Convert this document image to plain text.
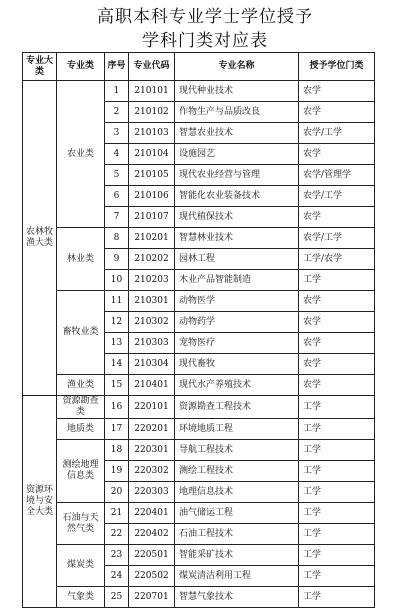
高职本科专业学士学位授予
学科门类对应表
专业大类	专业类	序号	专业代码	专业名称	授予学位门类
农林牧渔大类	农业类	1	210101	现代种业技术	农学
		2	210102	作物生产与品质改良	农学
		3	210103	智慧农业技术	农学/工学
		4	210104	设施园艺	农学
		5	210105	现代农业经营与管理	农学/管理学
		6	210106	智能化农业装备技术	农学/工学
		7	210107	现代植保技术	农学
	林业类	8	210201	智慧林业技术	农学/工学
		9	210202	园林工程	工学/农学
		10	210203	木业产品智能制造	工学
	畜牧业类	11	210301	动物医学	农学
		12	210302	动物药学	农学
		13	210303	宠物医疗	农学
		14	210304	现代畜牧	农学
	渔业类	15	210401	现代水产养殖技术	农学
资源环境与安全大类	资源勘查类	16	220101	资源勘查工程技术	工学
	地质类	17	220201	环境地质工程	工学
	测绘地理信息类	18	220301	导航工程技术	工学
		19	220302	测绘工程技术	工学
		20	220303	地理信息技术	工学
	石油与天然气类	21	220401	油气储运工程	工学
		22	220402	石油工程技术	工学
	煤炭类	23	220501	智能采矿技术	工学
		24	220502	煤炭清洁利用工程	工学
	气象类	25	220701	智慧气象技术	工学
